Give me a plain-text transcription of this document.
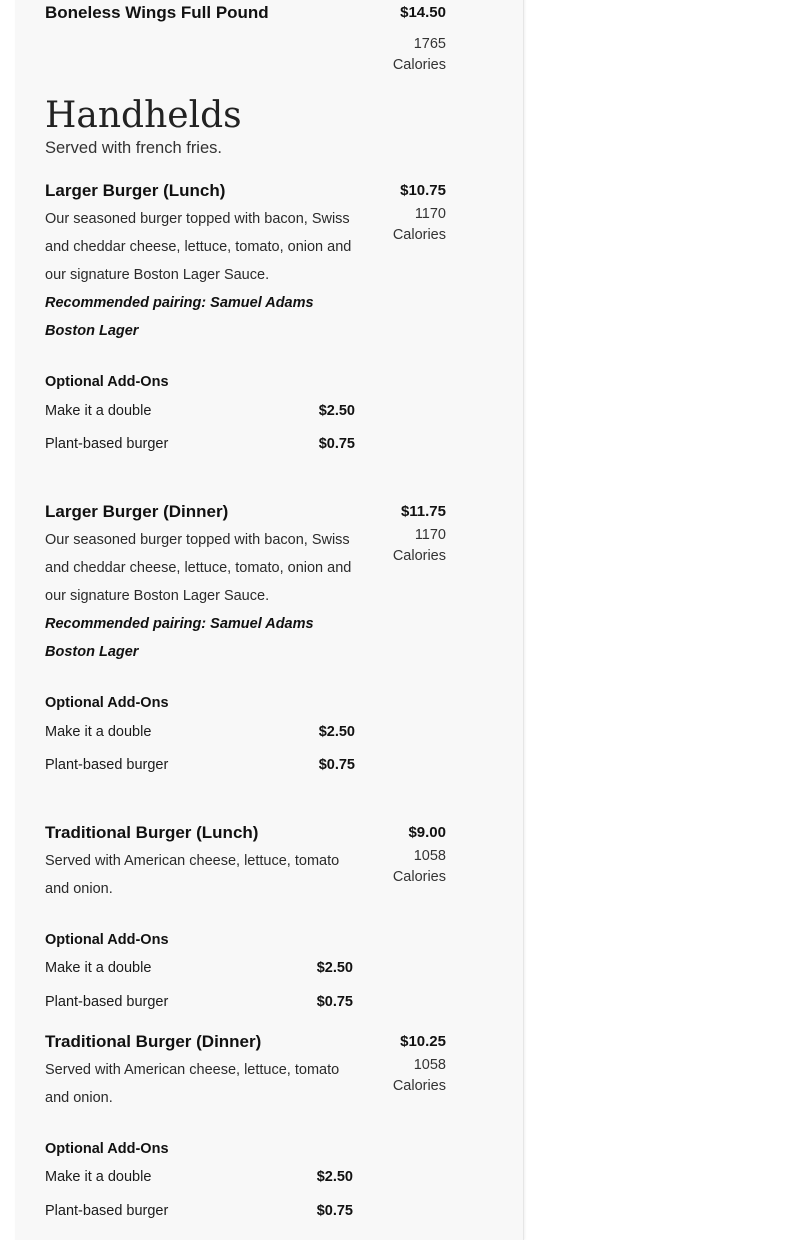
Boneless Wings Full Pound	$14.50
1765
Calories
Handhelds
Served with french fries.
Larger Burger (Lunch)	$10.75
Our seasoned burger topped with bacon, Swiss and cheddar cheese, lettuce, tomato, onion and our signature Boston Lager Sauce.
Recommended pairing: Samuel Adams Boston Lager
Optional Add-Ons
Make it a double	$2.50
Plant-based burger	$0.75
1170
Calories
Larger Burger (Dinner)	$11.75
Our seasoned burger topped with bacon, Swiss and cheddar cheese, lettuce, tomato, onion and our signature Boston Lager Sauce.
Recommended pairing: Samuel Adams Boston Lager
Optional Add-Ons
Make it a double	$2.50
Plant-based burger	$0.75
1170
Calories
Traditional Burger (Lunch)	$9.00
Served with American cheese, lettuce, tomato and onion.
Optional Add-Ons
Make it a double	$2.50
Plant-based burger	$0.75
1058
Calories
Traditional Burger (Dinner)	$10.25
Served with American cheese, lettuce, tomato and onion.
Optional Add-Ons
Make it a double	$2.50
Plant-based burger	$0.75
1058
Calories
